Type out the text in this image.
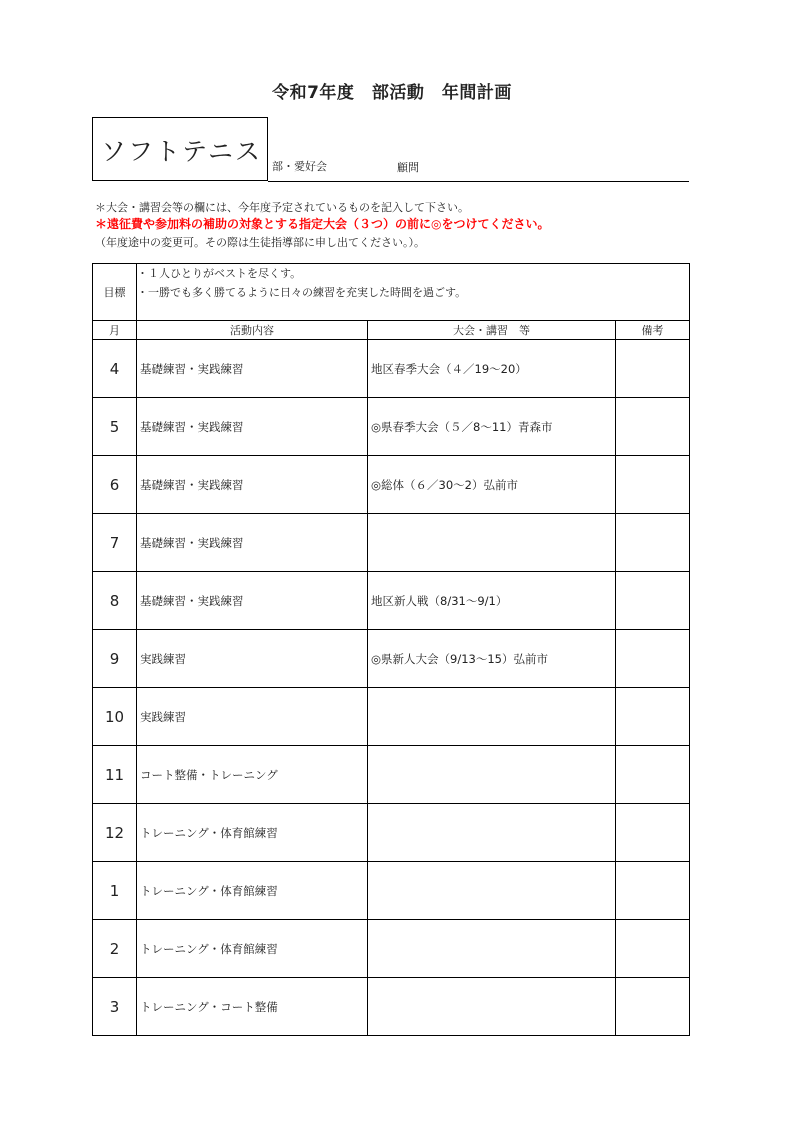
令和7年度　部活動　年間計画
ソフトテニス
部・愛好会	顧問
＊大会・講習会等の欄には、今年度予定されているものを記入して下さい。
＊遠征費や参加料の補助の対象とする指定大会（３つ）の前に◎をつけてください。
（年度途中の変更可。その際は生徒指導部に申し出てください。）。
目標	・１人ひとりがベストを尽くす。
・一勝でも多く勝てるように日々の練習を充実した時間を過ごす。		

月	活動内容	大会・講習　等	備考
4	基礎練習・実践練習	地区春季大会（４／19～20）	
5	基礎練習・実践練習	◎県春季大会（５／8～11）青森市	
6	基礎練習・実践練習	◎総体（６／30～2）弘前市	
7	基礎練習・実践練習		
8	基礎練習・実践練習	地区新人戦（8/31～9/1）	
9	実践練習	◎県新人大会（9/13～15）弘前市	
10	実践練習		
11	コート整備・トレーニング		
12	トレーニング・体育館練習		
1	トレーニング・体育館練習		
2	トレーニング・体育館練習		
3	トレーニング・コート整備		
